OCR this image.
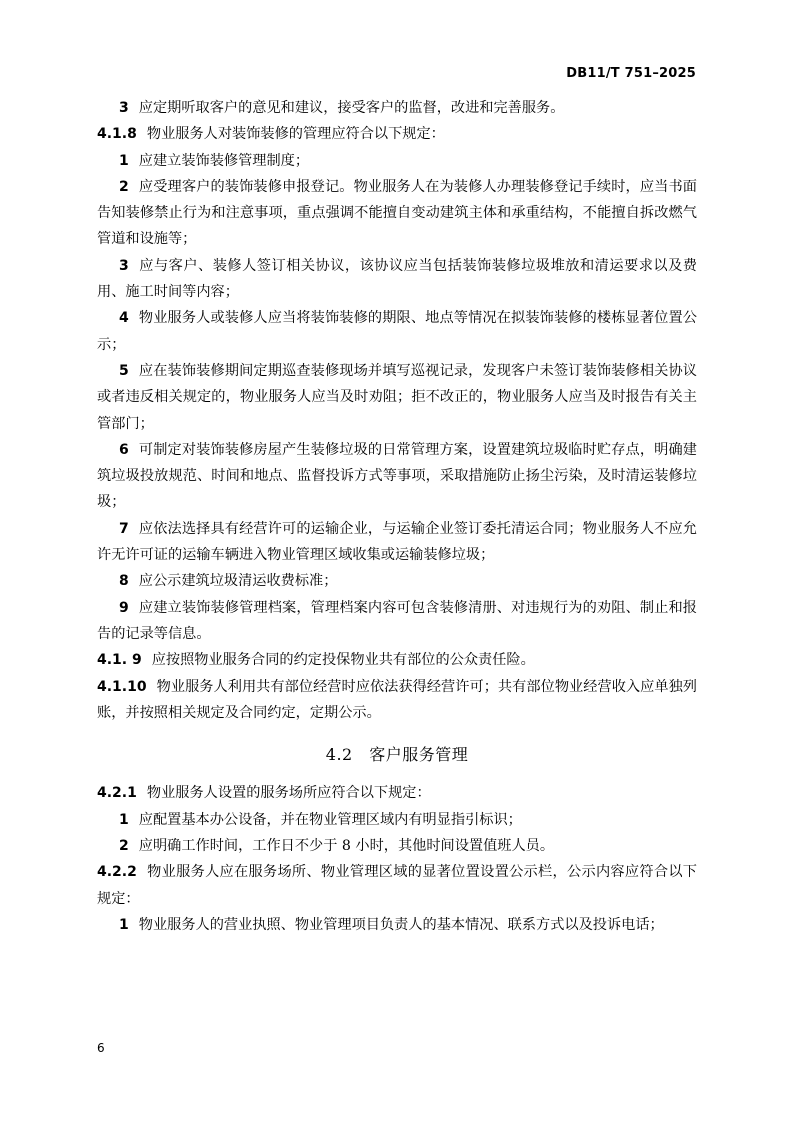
DB11/T 751–2025

3 应定期听取客户的意见和建议，接受客户的监督，改进和完善服务。

4.1.8 物业服务人对装饰装修的管理应符合以下规定：

1 应建立装饰装修管理制度；

2 应受理客户的装饰装修申报登记。物业服务人在为装修人办理装修登记手续时，应当书面告知装修禁止行为和注意事项，重点强调不能擅自变动建筑主体和承重结构，不能擅自拆改燃气管道和设施等；

3 应与客户、装修人签订相关协议，该协议应当包括装饰装修垃圾堆放和清运要求以及费用、施工时间等内容；

4 物业服务人或装修人应当将装饰装修的期限、地点等情况在拟装饰装修的楼栋显著位置公示；

5 应在装饰装修期间定期巡查装修现场并填写巡视记录，发现客户未签订装饰装修相关协议或者违反相关规定的，物业服务人应当及时劝阻；拒不改正的，物业服务人应当及时报告有关主管部门；

6 可制定对装饰装修房屋产生装修垃圾的日常管理方案，设置建筑垃圾临时贮存点，明确建筑垃圾投放规范、时间和地点、监督投诉方式等事项，采取措施防止扬尘污染，及时清运装修垃圾；

7 应依法选择具有经营许可的运输企业，与运输企业签订委托清运合同；物业服务人不应允许无许可证的运输车辆进入物业管理区域收集或运输装修垃圾；

8 应公示建筑垃圾清运收费标准；

9 应建立装饰装修管理档案，管理档案内容可包含装修清册、对违规行为的劝阻、制止和报告的记录等信息。

4.1. 9 应按照物业服务合同的约定投保物业共有部位的公众责任险。

4.1.10 物业服务人利用共有部位经营时应依法获得经营许可；共有部位物业经营收入应单独列账，并按照相关规定及合同约定，定期公示。

4.2　客户服务管理

4.2.1 物业服务人设置的服务场所应符合以下规定：

1 应配置基本办公设备，并在物业管理区域内有明显指引标识；

2 应明确工作时间，工作日不少于 8 小时，其他时间设置值班人员。

4.2.2 物业服务人应在服务场所、物业管理区域的显著位置设置公示栏，公示内容应符合以下规定：

1 物业服务人的营业执照、物业管理项目负责人的基本情况、联系方式以及投诉电话；

6
